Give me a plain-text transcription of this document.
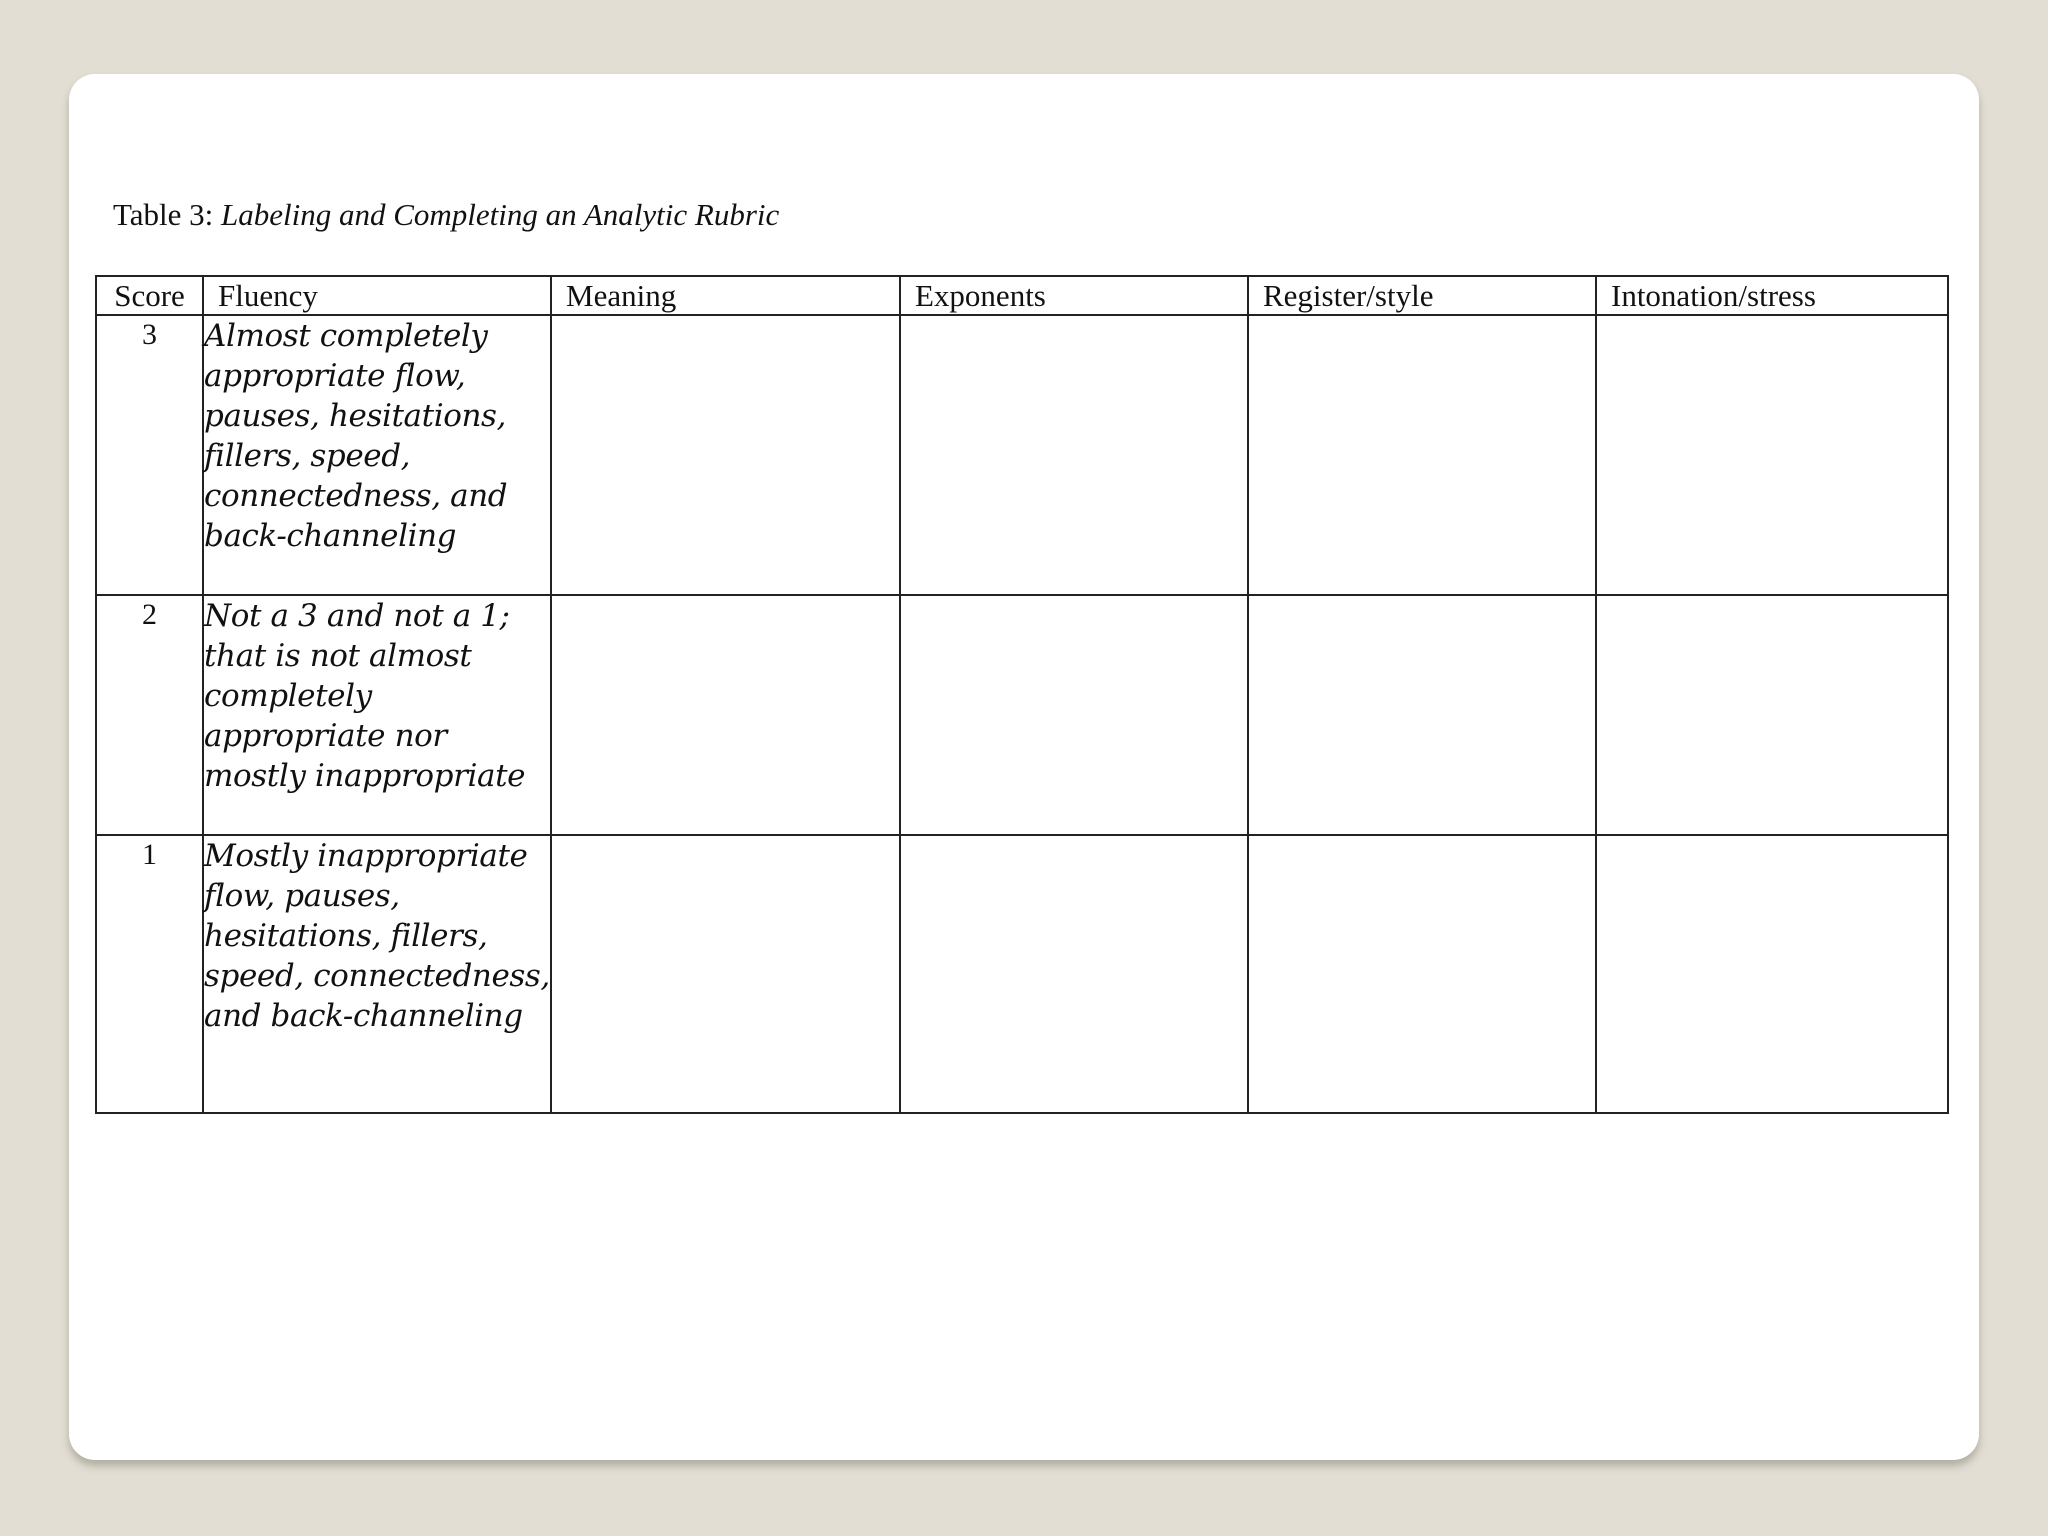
Table 3: Labeling and Completing an Analytic Rubric
Score	Fluency	Meaning	Exponents	Register/style	Intonation/stress
3	Almost completely appropriate flow, pauses, hesitations, fillers, speed, connectedness, and back-channeling				
2	Not a 3 and not a 1; that is not almost completely appropriate nor mostly inappropriate				
1	Mostly inappropriate flow, pauses, hesitations, fillers, speed, connectedness, and back-channeling				
